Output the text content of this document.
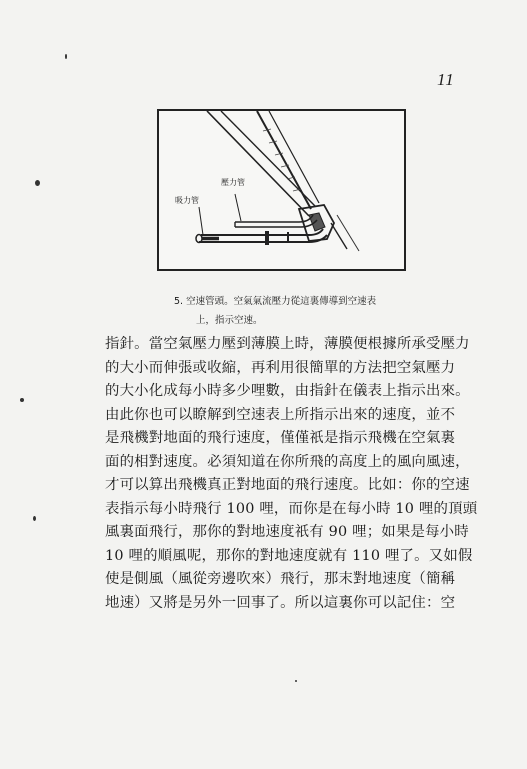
11
壓力管
吸力管
5. 空速管頭。空氣氣流壓力從這裏傳導到空速表
上，指示空速。
指針。當空氣壓力壓到薄膜上時，薄膜便根據所承受壓力
的大小而伸張或收縮，再利用很簡單的方法把空氣壓力
的大小化成每小時多少哩數，由指針在儀表上指示出來。
由此你也可以瞭解到空速表上所指示出來的速度，並不
是飛機對地面的飛行速度，僅僅祇是指示飛機在空氣裏
面的相對速度。必須知道在你所飛的高度上的風向風速，
才可以算出飛機真正對地面的飛行速度。比如：你的空速
表指示每小時飛行 100 哩，而你是在每小時 10 哩的頂頭
風裏面飛行，那你的對地速度祇有 90 哩；如果是每小時
10 哩的順風呢，那你的對地速度就有 110 哩了。又如假
使是側風（風從旁邊吹來）飛行，那末對地速度（簡稱
地速）又將是另外一回事了。所以這裏你可以記住：空
